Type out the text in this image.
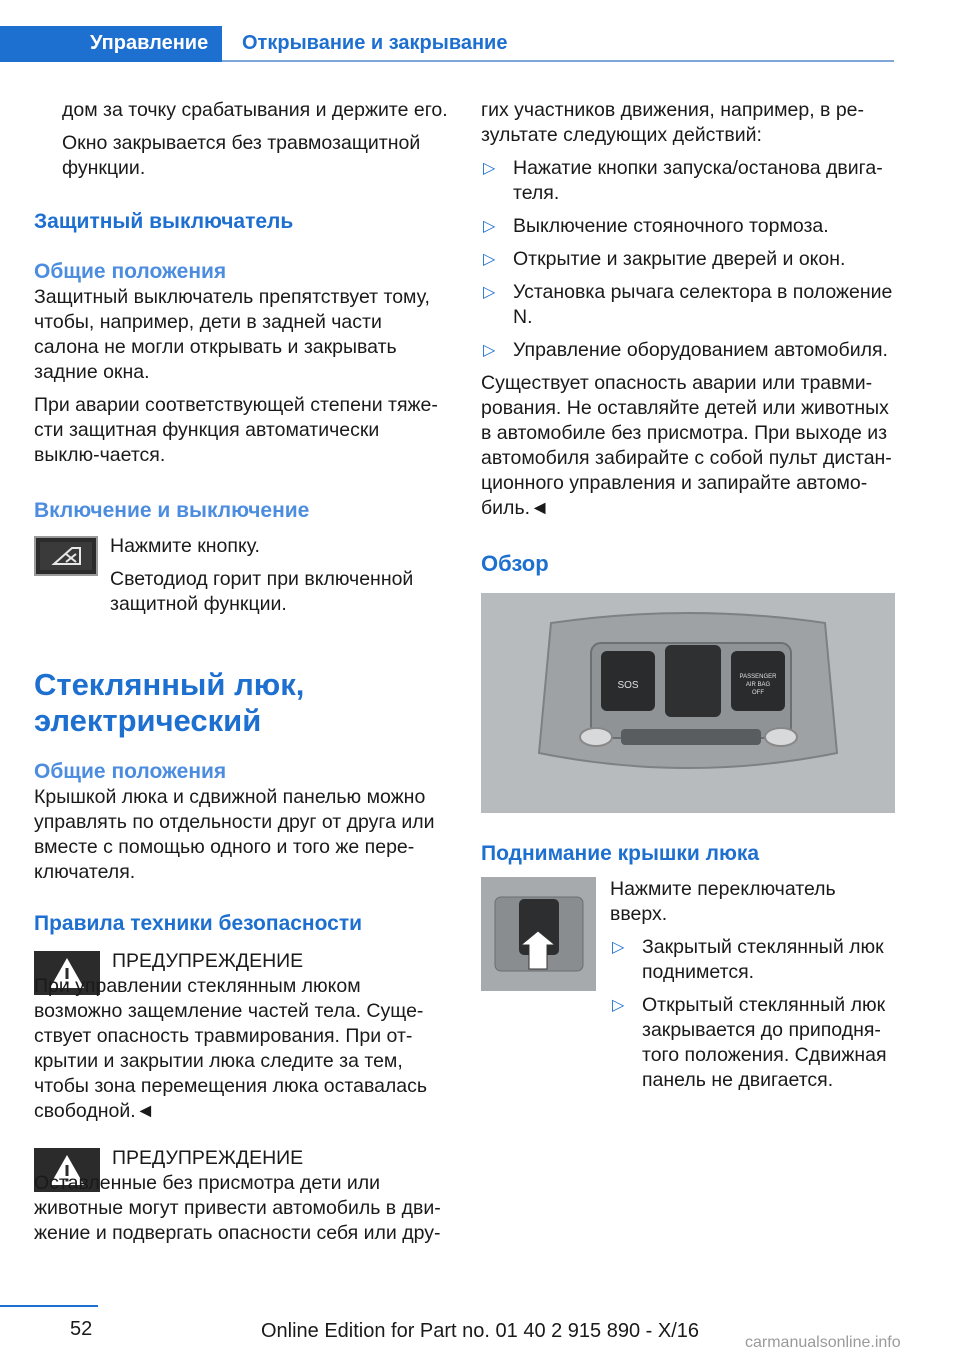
Управление Открывание и закрывание

дом за точку срабатывания и держите его.

Окно закрывается без травмозащитной функции.

Защитный выключатель
Общие положения

Защитный выключатель препятствует тому, чтобы, например, дети в задней части салона не могли открывать и закрывать задние окна.

При аварии соответствующей степени тяже-сти защитная функция автоматически выклю-чается.

Включение и выключение

Нажмите кнопку.

Светодиод горит при включенной защитной функции.

Стеклянный люк, электрический
Общие положения

Крышкой люка и сдвижной панелью можно управлять по отдельности друг от друга или вместе с помощью одного и того же пере-ключателя.

Правила техники безопасности

ПРЕДУПРЕЖДЕНИЕ

При управлении стеклянным люком возможно защемление частей тела. Суще-ствует опасность травмирования. При от-крытии и закрытии люка следите за тем, чтобы зона перемещения люка оставалась свободной.◄

ПРЕДУПРЕЖДЕНИЕ

Оставленные без присмотра дети или животные могут привести автомобиль в дви-жение и подвергать опасности себя или дру-

гих участников движения, например, в ре-зультате следующих действий:

▷ Нажатие кнопки запуска/останова двига-теля.
▷ Выключение стояночного тормоза.
▷ Открытие и закрытие дверей и окон.
▷ Установка рычага селектора в положение N.
▷ Управление оборудованием автомобиля.

Существует опасность аварии или травми-рования. Не оставляйте детей или животных в автомобиле без присмотра. При выходе из автомобиля забирайте с собой пульт дистан-ционного управления и запирайте автомо-биль.◄

Обзор
SOS
PASSENGER
AIR BAG
OFF
Поднимание крышки люка

Нажмите переключатель вверх.

▷ Закрытый стеклянный люк поднимется.
▷ Открытый стеклянный люк закрывается до приподня-того положения. Сдвижная панель не двигается.
52	Online Edition for Part no. 01 40 2 915 890 - X/16
carmanualsonline.info
